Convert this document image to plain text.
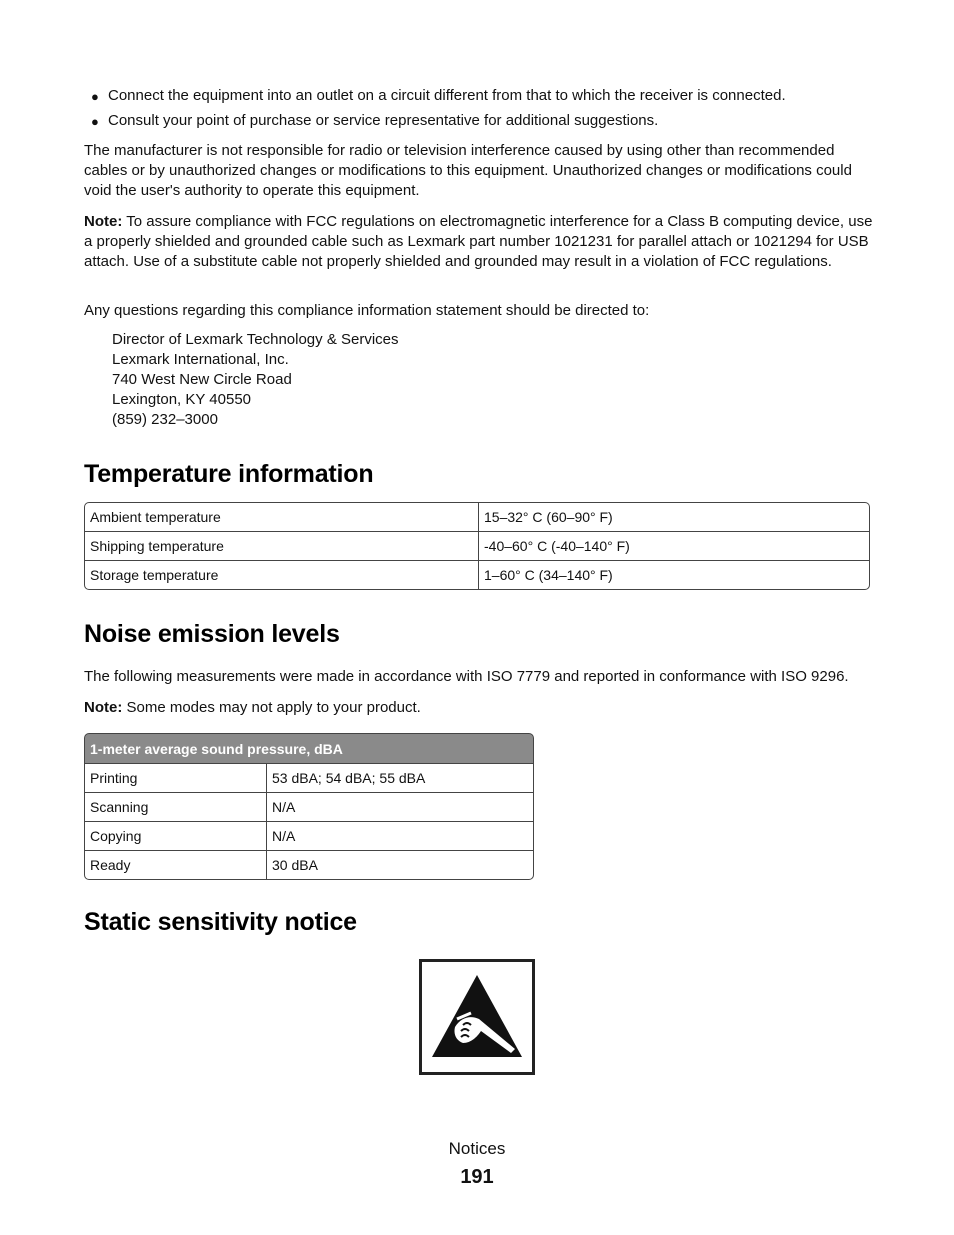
● Connect the equipment into an outlet on a circuit different from that to which the receiver is connected.
● Consult your point of purchase or service representative for additional suggestions.

The manufacturer is not responsible for radio or television interference caused by using other than recommended cables or by unauthorized changes or modifications to this equipment. Unauthorized changes or modifications could void the user's authority to operate this equipment.

Note: To assure compliance with FCC regulations on electromagnetic interference for a Class B computing device, use a properly shielded and grounded cable such as Lexmark part number 1021231 for parallel attach or 1021294 for USB attach. Use of a substitute cable not properly shielded and grounded may result in a violation of FCC regulations.

Any questions regarding this compliance information statement should be directed to:

Director of Lexmark Technology & Services
Lexmark International, Inc.
740 West New Circle Road
Lexington, KY 40550
(859) 232–3000
Temperature information
Ambient temperature	15–32° C (60–90° F)
Shipping temperature	-40–60° C (-40–140° F)
Storage temperature	1–60° C (34–140° F)
Noise emission levels

The following measurements were made in accordance with ISO 7779 and reported in conformance with ISO 9296.

Note: Some modes may not apply to your product.

1-meter average sound pressure, dBA	
Printing	53 dBA; 54 dBA; 55 dBA
Scanning	N/A
Copying	N/A
Ready	30 dBA
Static sensitivity notice
Notices
191
